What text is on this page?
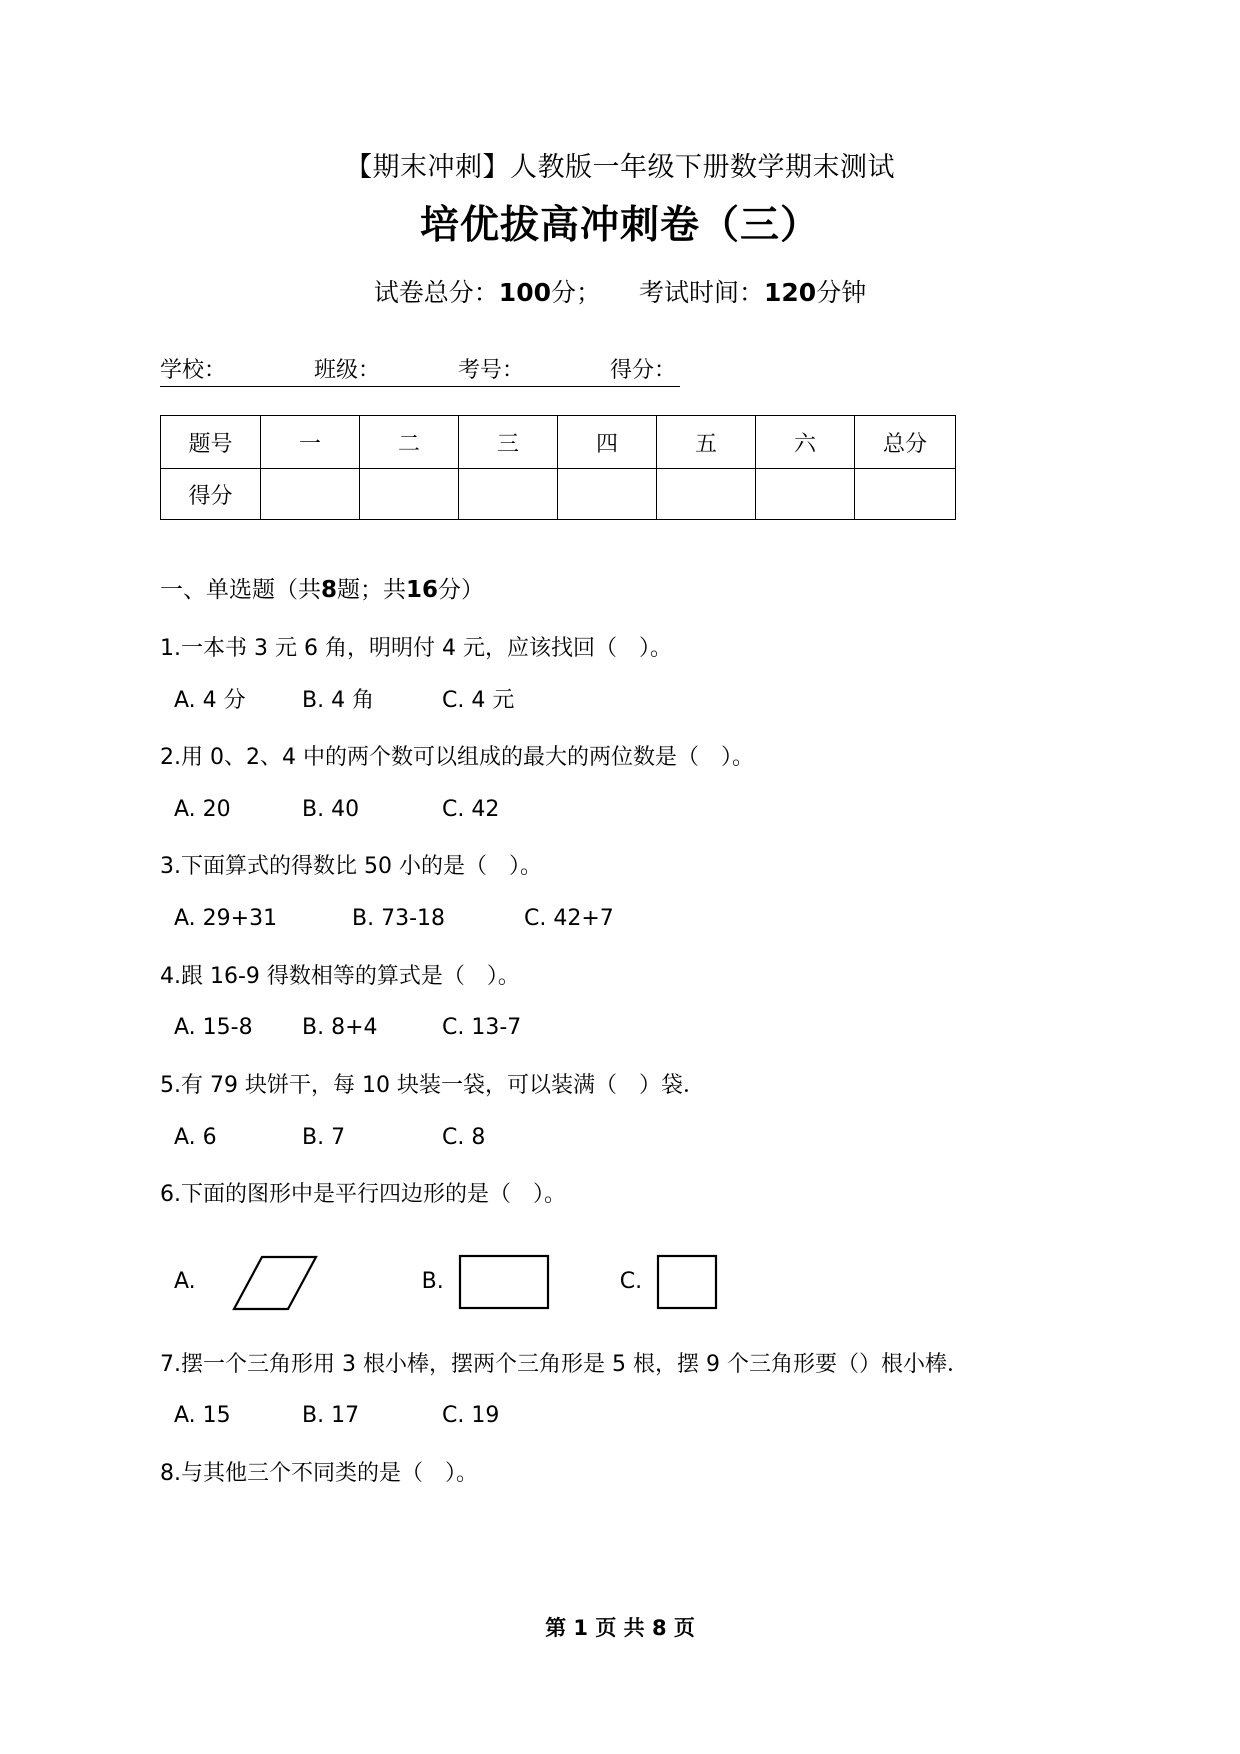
【期末冲刺】人教版一年级下册数学期末测试
培优拔高冲刺卷（三）
试卷总分：100分； 考试时间：120分钟
学校：	班级：	考号：	得分：
题号	一	二	三	四	五	六	总分
得分							
一、单选题（共8题；共16分）
1.一本书 3 元 6 角，明明付 4 元，应该找回（　）。
A. 4 分	B. 4 角	C. 4 元
2.用 0、2、4 中的两个数可以组成的最大的两位数是（　）。
A. 20	B. 40	C. 42
3.下面算式的得数比 50 小的是（　）。
A. 29+31	B. 73-18	C. 42+7
4.跟 16-9 得数相等的算式是（　）。
A. 15-8	B. 8+4	C. 13-7
5.有 79 块饼干，每 10 块装一袋，可以装满（　）袋．
A. 6	B. 7	C. 8
6.下面的图形中是平行四边形的是（　）。
A.	B.	C.
7.摆一个三角形用 3 根小棒，摆两个三角形是 5 根，摆 9 个三角形要（）根小棒．
A. 15	B. 17	C. 19
8.与其他三个不同类的是（　）。
第 1 页 共 8 页
